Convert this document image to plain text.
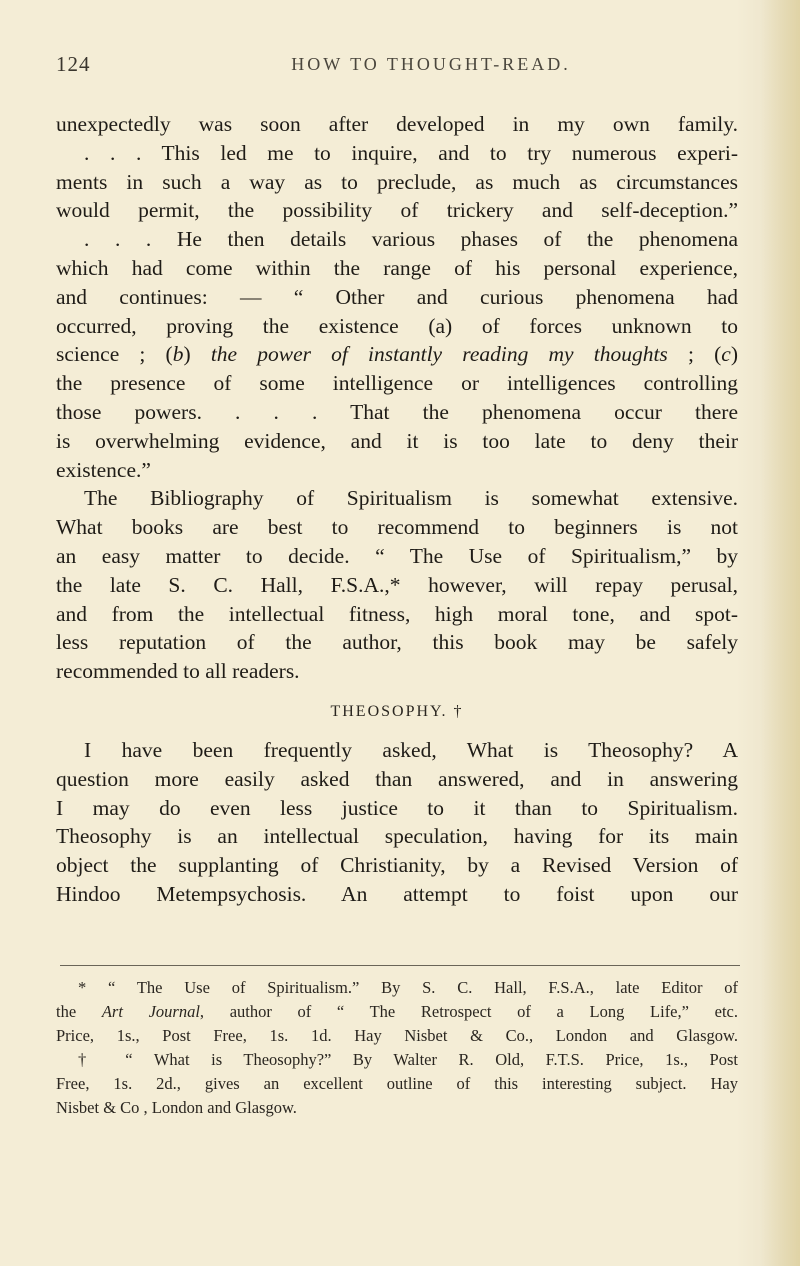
124	HOW TO THOUGHT-READ.
unexpectedly was soon after developed in my own family.
. . . This led me to inquire, and to try numerous experi-
ments in such a way as to preclude, as much as circumstances
would permit, the possibility of trickery and self-deception.”
. . . He then details various phases of the phenomena
which had come within the range of his personal experience,
and continues: — “ Other and curious phenomena had
occurred, proving the existence (a) of forces unknown to
science ; (b) the power of instantly reading my thoughts ; (c)
the presence of some intelligence or intelligences controlling
those powers. . . . That the phenomena occur there
is overwhelming evidence, and it is too late to deny their
existence.”
The Bibliography of Spiritualism is somewhat extensive.
What books are best to recommend to beginners is not
an easy matter to decide. “ The Use of Spiritualism,” by
the late S. C. Hall, F.S.A.,* however, will repay perusal,
and from the intellectual fitness, high moral tone, and spot-
less reputation of the author, this book may be safely
recommended to all readers.
THEOSOPHY. †
I have been frequently asked, What is Theosophy? A
question more easily asked than answered, and in answering
I may do even less justice to it than to Spiritualism.
Theosophy is an intellectual speculation, having for its main
object the supplanting of Christianity, by a Revised Version of
Hindoo Metempsychosis. An attempt to foist upon our
* “ The Use of Spiritualism.” By S. C. Hall, F.S.A., late Editor of
the Art Journal, author of “ The Retrospect of a Long Life,” etc.
Price, 1s., Post Free, 1s. 1d. Hay Nisbet & Co., London and Glasgow.
† “ What is Theosophy?” By Walter R. Old, F.T.S. Price, 1s., Post
Free, 1s. 2d., gives an excellent outline of this interesting subject. Hay
Nisbet & Co , London and Glasgow.
